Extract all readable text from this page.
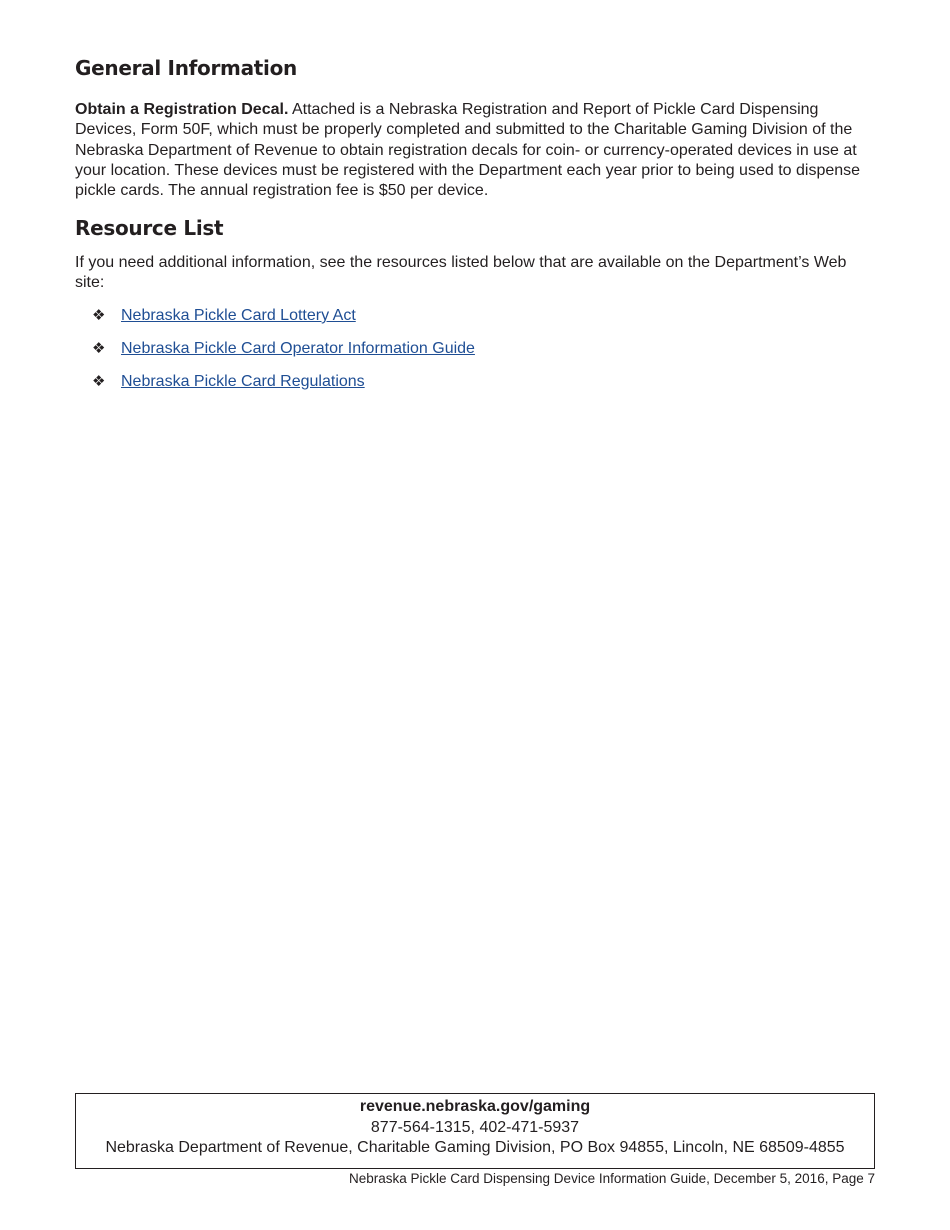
General Information

Obtain a Registration Decal. Attached is a Nebraska Registration and Report of Pickle Card Dispensing Devices, Form 50F, which must be properly completed and submitted to the Charitable Gaming Division of the Nebraska Department of Revenue to obtain registration decals for coin- or currency-operated devices in use at your location. These devices must be registered with the Department each year prior to being used to dispense pickle cards. The annual registration fee is $50 per device.

Resource List

If you need additional information, see the resources listed below that are available on the Department’s Web site:

❖ Nebraska Pickle Card Lottery Act
❖ Nebraska Pickle Card Operator Information Guide
❖ Nebraska Pickle Card Regulations
revenue.nebraska.gov/gaming
877-564-1315, 402-471-5937
Nebraska Department of Revenue, Charitable Gaming Division, PO Box 94855, Lincoln, NE 68509-4855
Nebraska Pickle Card Dispensing Device Information Guide, December 5, 2016, Page 7
